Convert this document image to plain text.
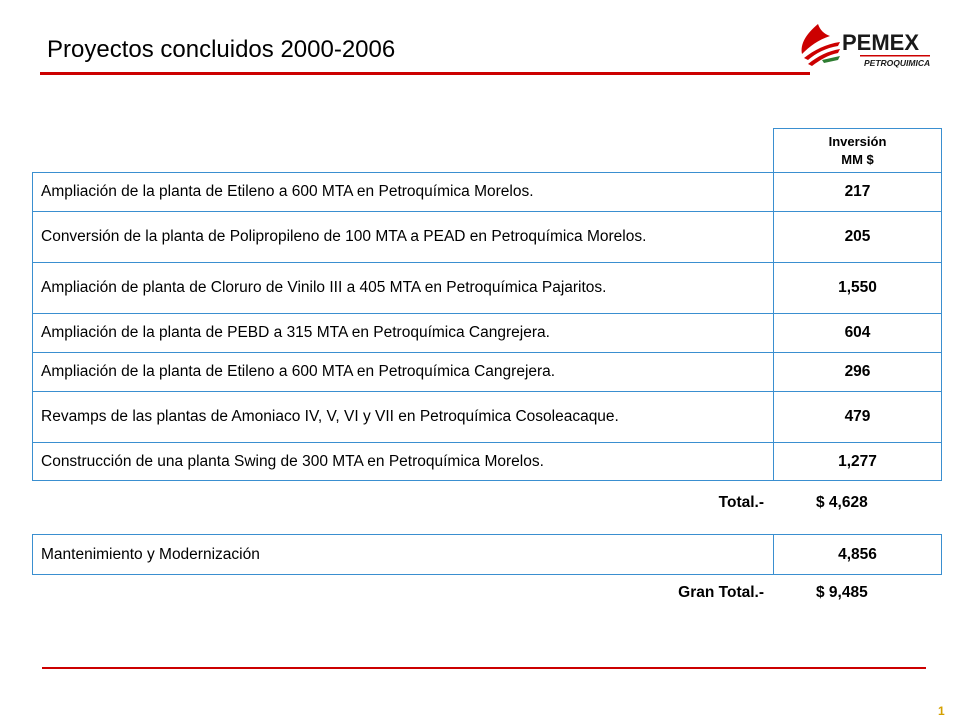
Proyectos concluidos 2000-2006	PEMEX
PETROQUIMICA

	Inversión
MM $

Ampliación de la planta de Etileno a 600 MTA en Petroquímica Morelos.	217
Conversión de la planta de Polipropileno de 100 MTA a PEAD en Petroquímica Morelos.	205
Ampliación de planta de Cloruro de Vinilo III a 405 MTA en Petroquímica Pajaritos.	1,550
Ampliación de la planta de PEBD a 315 MTA en Petroquímica Cangrejera.	604
Ampliación de la planta de Etileno a 600 MTA en Petroquímica Cangrejera.	296
Revamps de las plantas de Amoniaco IV, V, VI y VII en Petroquímica Cosoleacaque.	479
Construcción de una planta Swing de 300 MTA en Petroquímica Morelos.	1,277
Total.-	$ 4,628
Mantenimiento y Modernización	4,856
Gran Total.-	$ 9,485
1
